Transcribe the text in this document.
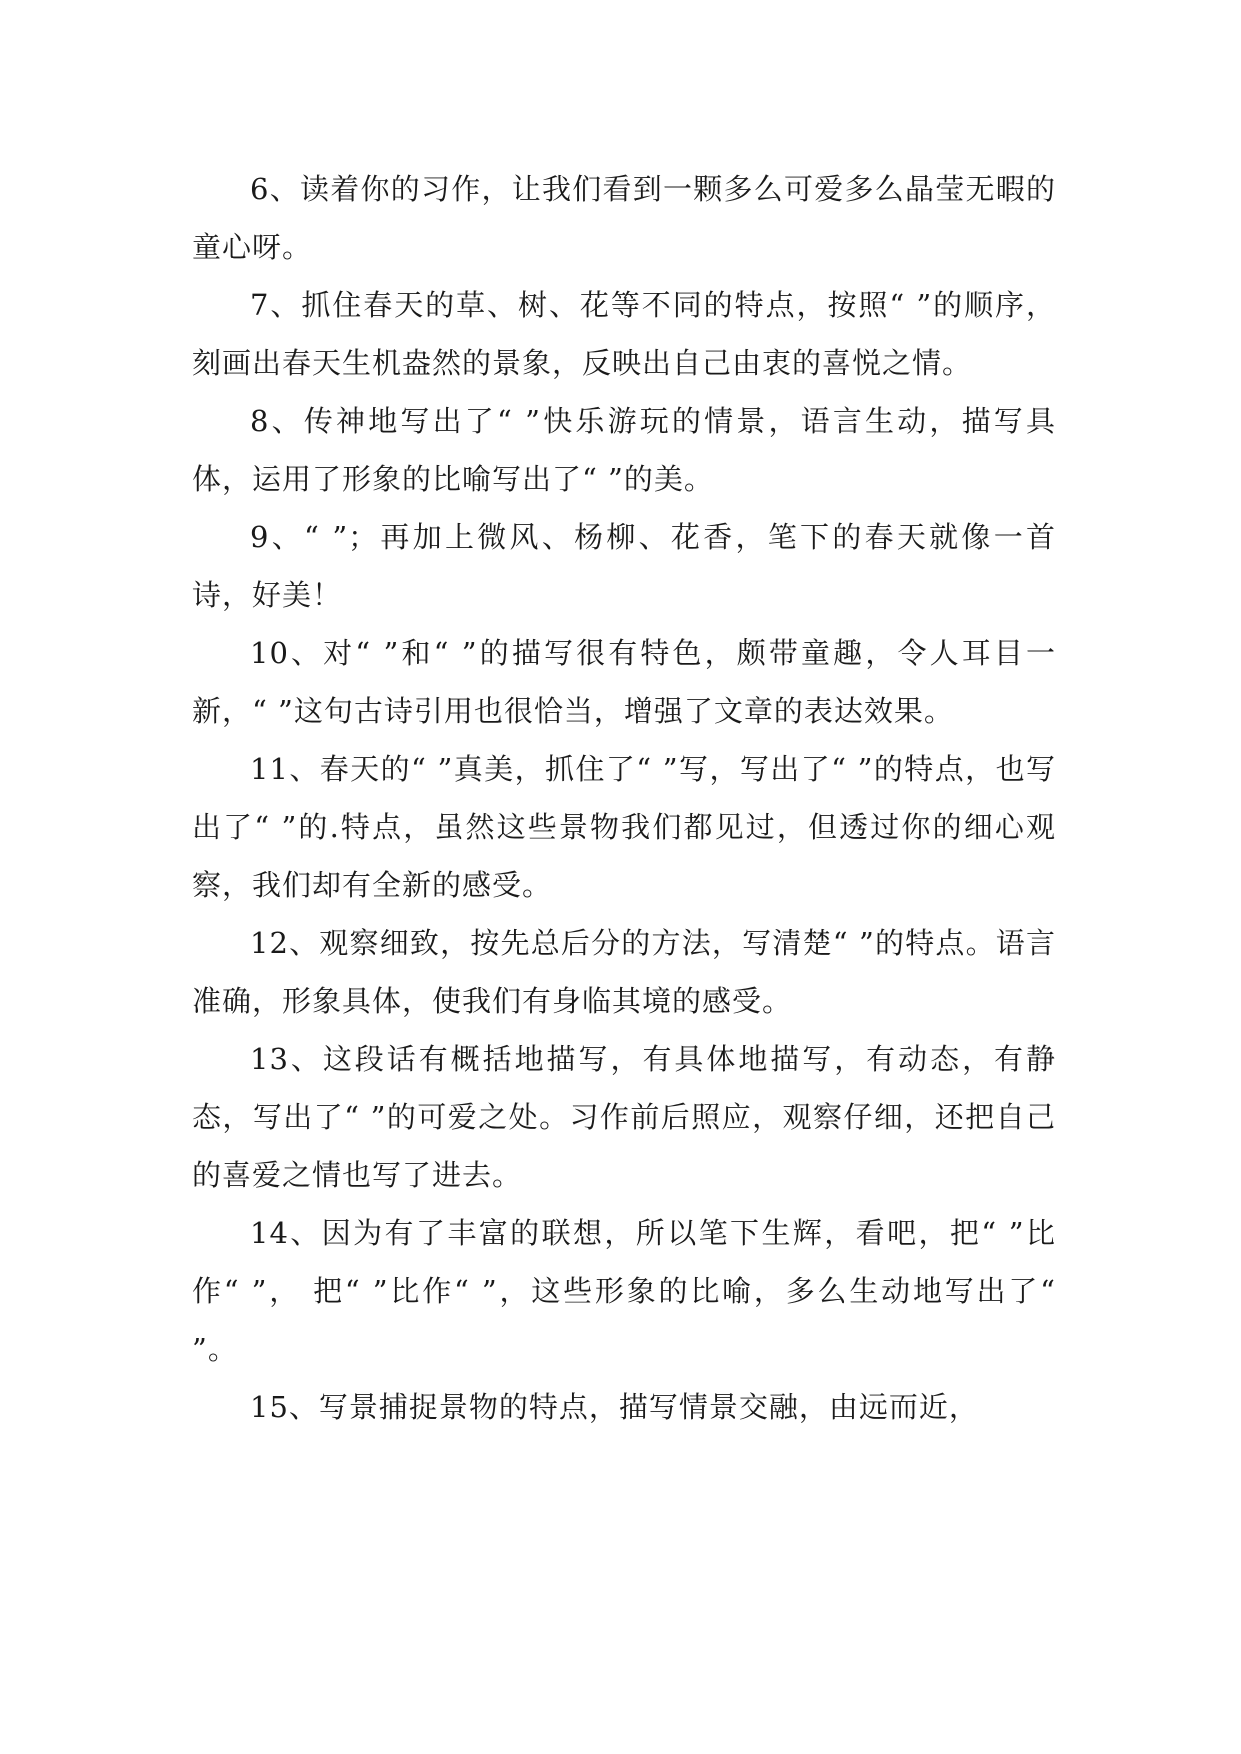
6、读着你的习作，让我们看到一颗多么可爱多么晶莹无暇的童心呀。

7、抓住春天的草、树、花等不同的特点，按照“ ”的顺序，刻画出春天生机盎然的景象，反映出自己由衷的喜悦之情。

8、传神地写出了“ ”快乐游玩的情景，语言生动，描写具体，运用了形象的比喻写出了“ ”的美。

9、“ ”；再加上微风、杨柳、花香，笔下的春天就像一首诗，好美！

10、对“ ”和“ ”的描写很有特色，颇带童趣，令人耳目一新，“ ”这句古诗引用也很恰当，增强了文章的表达效果。

11、春天的“ ”真美，抓住了“ ”写，写出了“ ”的特点，也写出了“ ”的.特点，虽然这些景物我们都见过，但透过你的细心观察，我们却有全新的感受。

12、观察细致，按先总后分的方法，写清楚“ ”的特点。语言准确，形象具体，使我们有身临其境的感受。

13、这段话有概括地描写，有具体地描写，有动态，有静态，写出了“ ”的可爱之处。习作前后照应，观察仔细，还把自己的喜爱之情也写了进去。

14、因为有了丰富的联想，所以笔下生辉，看吧，把“ ”比作“ ”， 把“ ”比作“ ”，这些形象的比喻，多么生动地写出了“ ”。

15、写景捕捉景物的特点，描写情景交融，由远而近，
